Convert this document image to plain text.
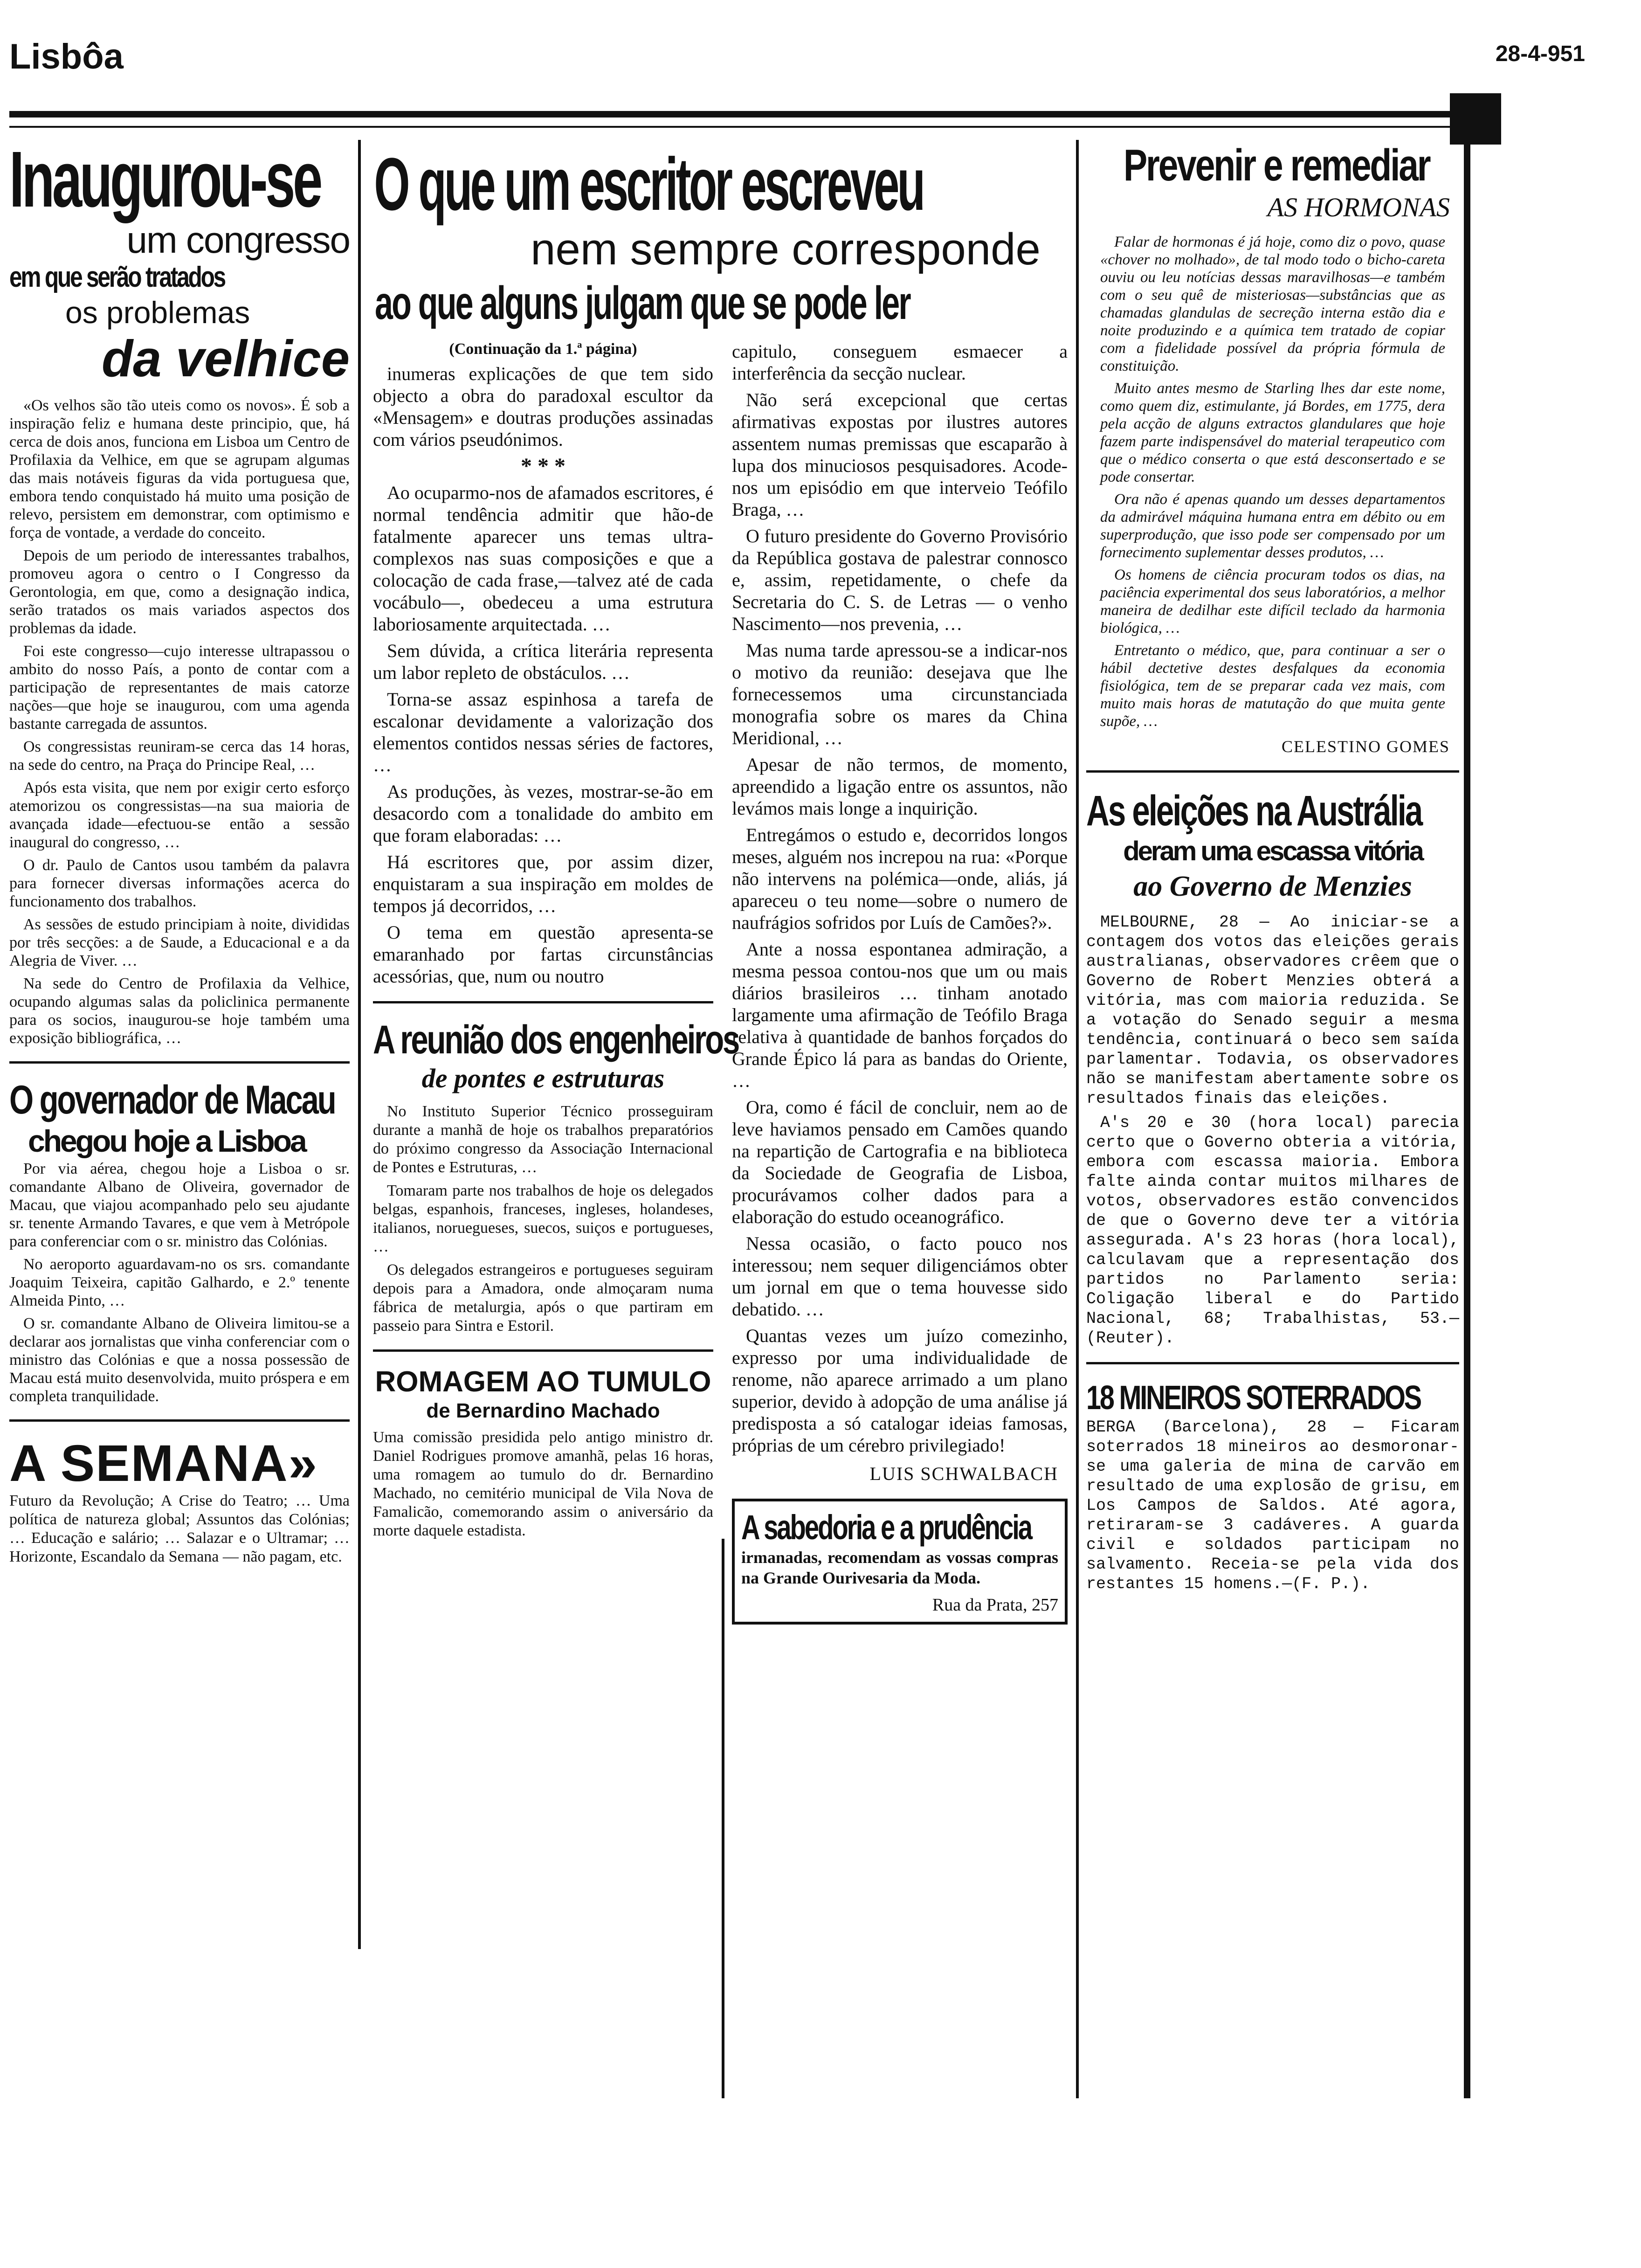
Lisbôa	28-4-951
Inaugurou-se
um congresso
em que serão tratados
os problemas
da velhice

«Os velhos são tão uteis como os novos». É sob a inspiração feliz e humana deste principio, que, há cerca de dois anos, funciona em Lisboa um Centro de Profilaxia da Velhice, em que se agrupam algumas das mais notáveis figuras da vida portuguesa que, embora tendo conquistado há muito uma posição de relevo, persistem em demonstrar, com optimismo e força de vontade, a verdade do conceito.

Depois de um periodo de interessantes trabalhos, promoveu agora o centro o I Congresso da Gerontologia, em que, como a designação indica, serão tratados os mais variados aspectos dos problemas da idade.

Foi este congresso—cujo interesse ultrapassou o ambito do nosso País, a ponto de contar com a participação de representantes de mais catorze nações—que hoje se inaugurou, com uma agenda bastante carregada de assuntos.

Os congressistas reuniram-se cerca das 14 horas, na sede do centro, na Praça do Principe Real, …

Após esta visita, que nem por exigir certo esforço atemorizou os congressistas—na sua maioria de avançada idade—efectuou-se então a sessão inaugural do congresso, …

O dr. Paulo de Cantos usou também da palavra para fornecer diversas informações acerca do funcionamento dos trabalhos.

As sessões de estudo principiam à noite, divididas por três secções: a de Saude, a Educacional e a da Alegria de Viver. …

Na sede do Centro de Profilaxia da Velhice, ocupando algumas salas da policlinica permanente para os socios, inaugurou-se hoje também uma exposição bibliográfica, …

O governador de Macau
chegou hoje a Lisboa

Por via aérea, chegou hoje a Lisboa o sr. comandante Albano de Oliveira, governador de Macau, que viajou acompanhado pelo seu ajudante sr. tenente Armando Tavares, e que vem à Metrópole para conferenciar com o sr. ministro das Colónias.

No aeroporto aguardavam-no os srs. comandante Joaquim Teixeira, capitão Galhardo, e 2.º tenente Almeida Pinto, …

O sr. comandante Albano de Oliveira limitou-se a declarar aos jornalistas que vinha conferenciar com o ministro das Colónias e que a nossa possessão de Macau está muito desenvolvida, muito próspera e em completa tranquilidade.

A SEMANA»
Futuro da Revolução; A Crise do Teatro; … Uma política de natureza global; Assuntos das Colónias; … Educação e salário; … Salazar e o Ultramar; … Horizonte, Escandalo da Semana — não pagam, etc.
O que um escritor escreveu
nem sempre corresponde
ao que alguns julgam que se pode ler
(Continuação da 1.ª página)

inumeras explicações de que tem sido objecto a obra do paradoxal escultor da «Mensagem» e doutras produções assinadas com vários pseudónimos.

* * *

Ao ocuparmo-nos de afamados escritores, é normal tendência admitir que hão-de fatalmente aparecer uns temas ultra-complexos nas suas composições e que a colocação de cada frase,—talvez até de cada vocábulo—, obedeceu a uma estrutura laboriosamente arquitectada. …

Sem dúvida, a crítica literária representa um labor repleto de obstáculos. …

Torna-se assaz espinhosa a tarefa de escalonar devidamente a valorização dos elementos contidos nessas séries de factores, …

As produções, às vezes, mostrar-se-ão em desacordo com a tonalidade do ambito em que foram elaboradas: …

Há escritores que, por assim dizer, enquistaram a sua inspiração em moldes de tempos já decorridos, …

O tema em questão apresenta-se emaranhado por fartas circunstâncias acessórias, que, num ou noutro

A reunião dos engenheiros
de pontes e estruturas

No Instituto Superior Técnico prosseguiram durante a manhã de hoje os trabalhos preparatórios do próximo congresso da Associação Internacional de Pontes e Estruturas, …

Tomaram parte nos trabalhos de hoje os delegados belgas, espanhois, franceses, ingleses, holandeses, italianos, noruegueses, suecos, suiços e portugueses, …

Os delegados estrangeiros e portugueses seguiram depois para a Amadora, onde almoçaram numa fábrica de metalurgia, após o que partiram em passeio para Sintra e Estoril.

ROMAGEM AO TUMULO
de Bernardino Machado
Uma comissão presidida pelo antigo ministro dr. Daniel Rodrigues promove amanhã, pelas 16 horas, uma romagem ao tumulo do dr. Bernardino Machado, no cemitério municipal de Vila Nova de Famalicão, comemorando assim o aniversário da morte daquele estadista.

capitulo, conseguem esmaecer a interferência da secção nuclear.

Não será excepcional que certas afirmativas expostas por ilustres autores assentem numas premissas que escaparão à lupa dos minuciosos pesquisadores. Acode-nos um episódio em que interveio Teófilo Braga, …

O futuro presidente do Governo Provisório da República gostava de palestrar connosco e, assim, repetidamente, o chefe da Secretaria do C. S. de Letras — o venho Nascimento—nos prevenia, …

Mas numa tarde apressou-se a indicar-nos o motivo da reunião: desejava que lhe fornecessemos uma circunstanciada monografia sobre os mares da China Meridional, …

Apesar de não termos, de momento, apreendido a ligação entre os assuntos, não levámos mais longe a inquirição.

Entregámos o estudo e, decorridos longos meses, alguém nos increpou na rua: «Porque não intervens na polémica—onde, aliás, já apareceu o teu nome—sobre o numero de naufrágios sofridos por Luís de Camões?».

Ante a nossa espontanea admiração, a mesma pessoa contou-nos que um ou mais diários brasileiros … tinham anotado largamente uma afirmação de Teófilo Braga relativa à quantidade de banhos forçados do Grande Épico lá para as bandas do Oriente, …

Ora, como é fácil de concluir, nem ao de leve haviamos pensado em Camões quando na repartição de Cartografia e na biblioteca da Sociedade de Geografia de Lisboa, procurávamos colher dados para a elaboração do estudo oceanográfico.

Nessa ocasião, o facto pouco nos interessou; nem sequer diligenciámos obter um jornal em que o tema houvesse sido debatido. …

Quantas vezes um juízo comezinho, expresso por uma individualidade de renome, não aparece arrimado a um plano superior, devido à adopção de uma análise já predisposta a só catalogar ideias famosas, próprias de um cérebro privilegiado!

LUIS SCHWALBACH
A sabedoria e a prudência
irmanadas, recomendam as vossas compras na Grande Ourivesaria da Moda.
Rua da Prata, 257
Prevenir e remediar
AS HORMONAS

Falar de hormonas é já hoje, como diz o povo, quase «chover no molhado», de tal modo todo o bicho-careta ouviu ou leu notícias dessas maravilhosas—e também com o seu quê de misteriosas—substâncias que as chamadas glandulas de secreção interna estão dia e noite produzindo e a química tem tratado de copiar com a fidelidade possível da própria fórmula de constituição.

Muito antes mesmo de Starling lhes dar este nome, como quem diz, estimulante, já Bordes, em 1775, dera pela acção de alguns extractos glandulares que hoje fazem parte indispensável do material terapeutico com que o médico conserta o que está desconsertado e se pode consertar.

Ora não é apenas quando um desses departamentos da admirável máquina humana entra em débito ou em superprodução, que isso pode ser compensado por um fornecimento suplementar desses produtos, …

Os homens de ciência procuram todos os dias, na paciência experimental dos seus laboratórios, a melhor maneira de dedilhar este difícil teclado da harmonia biológica, …

Entretanto o médico, que, para continuar a ser o hábil dectetive destes desfalques da economia fisiológica, tem de se preparar cada vez mais, com muito mais horas de matutação do que muita gente supõe, …

CELESTINO GOMES
As eleições na Austrália
deram uma escassa vitória
ao Governo de Menzies

MELBOURNE, 28 — Ao iniciar-se a contagem dos votos das eleições gerais australianas, observadores crêem que o Governo de Robert Menzies obterá a vitória, mas com maioria reduzida. Se a votação do Senado seguir a mesma tendência, continuará o beco sem saída parlamentar. Todavia, os observadores não se manifestam abertamente sobre os resultados finais das eleições.

A's 20 e 30 (hora local) parecia certo que o Governo obteria a vitória, embora com escassa maioria. Embora falte ainda contar muitos milhares de votos, observadores estão convencidos de que o Governo deve ter a vitória assegurada. A's 23 horas (hora local), calculavam que a representação dos partidos no Parlamento seria: Coligação liberal e do Partido Nacional, 68; Trabalhistas, 53.—(Reuter).

18 MINEIROS SOTERRADOS
BERGA (Barcelona), 28 — Ficaram soterrados 18 mineiros ao desmoronar-se uma galeria de mina de carvão em resultado de uma explosão de grisu, em Los Campos de Saldos. Até agora, retiraram-se 3 cadáveres. A guarda civil e soldados participam no salvamento. Receia-se pela vida dos restantes 15 homens.—(F. P.).
